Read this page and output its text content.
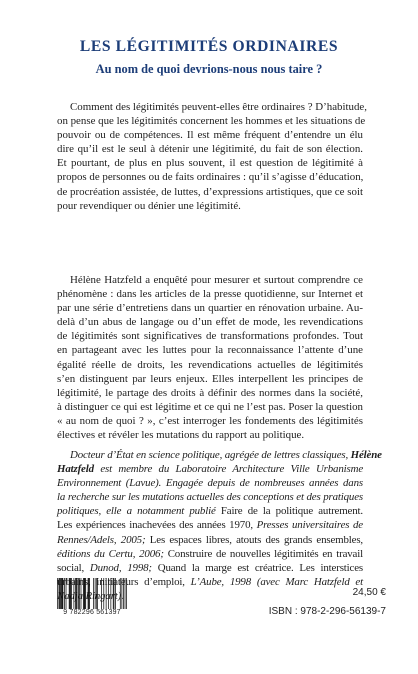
LES LÉGITIMITÉS ORDINAIRES
Au nom de quoi devrions-nous nous taire ?

Comment des légitimités peuvent-elles être ordinaires ? D’habitude,
on pense que les légitimités concernent les hommes et les situations de
pouvoir ou de compétences. Il est même fréquent d’entendre un élu
dire qu’il est le seul à détenir une légitimité, du fait de son élection.
Et pourtant, de plus en plus souvent, il est question de légitimité à
propos de personnes ou de faits ordinaires : qu’il s’agisse d’éducation,
de procréation assistée, de luttes, d’expressions artistiques, que ce soit
pour revendiquer ou dénier une légitimité.

Hélène Hatzfeld a enquêté pour mesurer et surtout comprendre ce
phénomène : dans les articles de la presse quotidienne, sur Internet et
par une série d’entretiens dans un quartier en rénovation urbaine. Au-
delà d’un abus de langage ou d’un effet de mode, les revendications
de légitimités sont significatives de transformations profondes. Tout
en partageant avec les luttes pour la reconnaissance l’attente d’une
égalité réelle de droits, les revendications actuelles de légitimités
s’en distinguent par leurs enjeux. Elles interpellent les principes de
légitimité, le partage des droits à définir des normes dans la société,
à distinguer ce qui est légitime et ce qui ne l’est pas. Poser la question
« au nom de quoi ? », c’est interroger les fondements des légitimités
électives et révéler les mutations du rapport au politique.

Docteur d’État en science politique, agrégée de lettres classiques, Hélène
Hatzfeld est membre du Laboratoire Architecture Ville Urbanisme
Environnement (Lavue). Engagée depuis de nombreuses années dans
la recherche sur les mutations actuelles des conceptions et des pratiques
politiques, elle a notamment publié Faire de la politique autrement.
Les expériences inachevées des années 1970, Presses universitaires de
Rennes/Adels, 2005; Les espaces libres, atouts des grands ensembles,
éditions du Certu, 2006; Construire de nouvelles légitimités en travail
social, Dunod, 1998; Quand la marge est créatrice. Les interstices
urbains, initiateurs d’emploi, L’Aube, 1998 (avec Marc Hatzfeld et
Nadja Ringart).

9 782296 561397
24,50 €
ISBN : 978-2-296-56139-7
